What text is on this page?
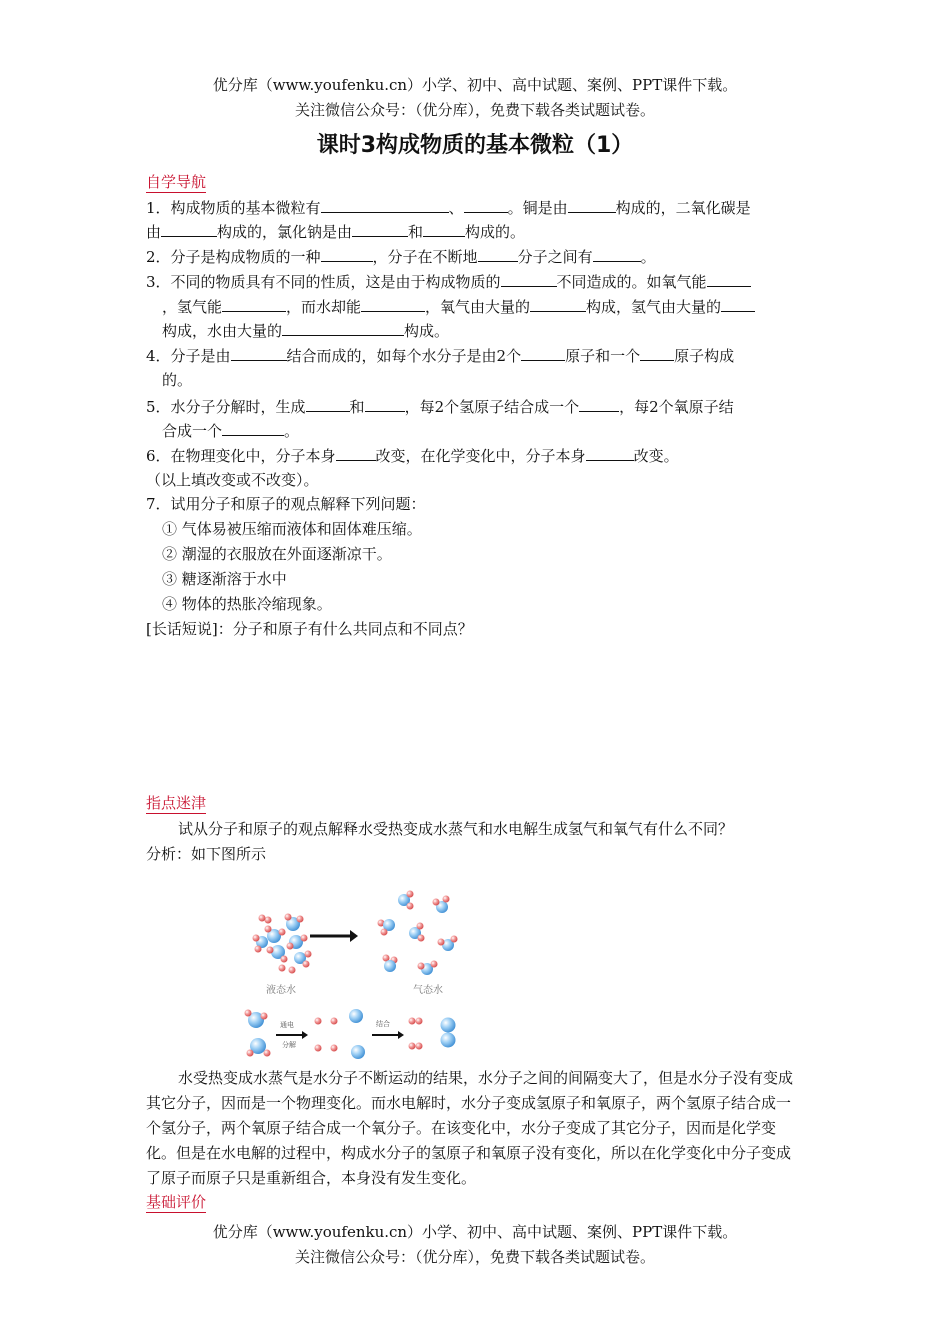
优分库（www.youfenku.cn）小学、初中、高中试题、案例、PPT课件下载。
关注微信公众号：（优分库），免费下载各类试题试卷。
课时3构成物质的基本微粒（1）
自学导航
1．构成物质的基本微粒有	、	。铜是由	构成的，二氧化碳是
由	构成的，氯化钠是由	和	构成的。
2．分子是构成物质的一种	，分子在不断地	分子之间有	。
3．不同的物质具有不同的性质，这是由于构成物质的	不同造成的。如氧气能
，氢气能	，而水却能	，氧气由大量的	构成，氢气由大量的
构成，水由大量的	构成。
4．分子是由	结合而成的，如每个水分子是由2个	原子和一个 原子构成
的。
5．水分子分解时，生成	和	，每2个氢原子结合成一个	，每2个氧原子结
合成一个	。
6．在物理变化中，分子本身	改变，在化学变化中，分子本身	改变。
（以上填改变或不改变）。
7．试用分子和原子的观点解释下列问题：
① 气体易被压缩而液体和固体难压缩。
② 潮湿的衣服放在外面逐渐凉干。
③ 糖逐渐溶于水中
④ 物体的热胀冷缩现象。
[长话短说]：分子和原子有什么共同点和不同点？
指点迷津
试从分子和原子的观点解释水受热变成水蒸气和水电解生成氢气和氧气有什么不同？
分析：如下图所示
液态水	气态水
通电
分解
结合
水受热变成水蒸气是水分子不断运动的结果，水分子之间的间隔变大了，但是水分子没有变成其它分子，因而是一个物理变化。而水电解时，水分子变成氢原子和氧原子，两个氢原子结合成一个氢分子，两个氧原子结合成一个氧分子。在该变化中，水分子变成了其它分子，因而是化学变化。但是在水电解的过程中，构成水分子的氢原子和氧原子没有变化，所以在化学变化中分子变成了原子而原子只是重新组合，本身没有发生变化。
基础评价
优分库（www.youfenku.cn）小学、初中、高中试题、案例、PPT课件下载。
关注微信公众号：（优分库），免费下载各类试题试卷。
